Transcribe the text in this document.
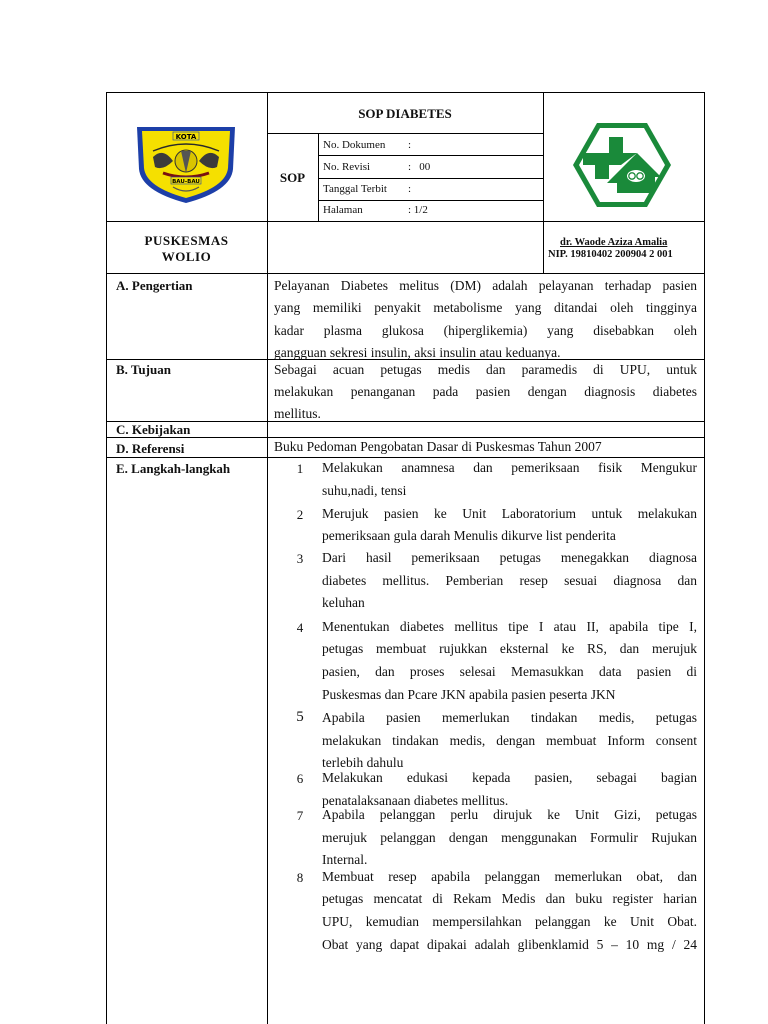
KOTA
BAU-BAU
SOP DIABETES
SOP
No. Dokumen :
No. Revisi	:   00
Tanggal Terbit :
Halaman	: 1/2
PUSKESMAS
WOLIO
dr. Waode Aziza Amalia
NIP. 19810402 200904 2 001
A. Pengertian	Pelayanan Diabetes melitus (DM) adalah pelayanan terhadap pasien
yang memiliki penyakit metabolisme yang ditandai oleh tingginya
kadar plasma glukosa (hiperglikemia) yang disebabkan oleh
gangguan sekresi insulin, aksi insulin atau keduanya.
B. Tujuan	Sebagai acuan petugas medis dan paramedis di UPU, untuk
melakukan penanganan pada pasien dengan diagnosis diabetes
mellitus.
C. Kebijakan
D. Referensi	Buku Pedoman Pengobatan Dasar di Puskesmas Tahun 2007
E. Langkah-langkah	1	Melakukan anamnesa dan pemeriksaan fisik Mengukur
suhu,nadi, tensi
2	Merujuk pasien ke Unit Laboratorium untuk melakukan
pemeriksaan gula darah Menulis dikurve list penderita
3	Dari hasil pemeriksaan petugas menegakkan diagnosa
diabetes mellitus. Pemberian resep sesuai diagnosa dan
keluhan
4	Menentukan diabetes mellitus tipe I atau II, apabila tipe I,
petugas membuat rujukkan eksternal ke RS, dan merujuk
pasien, dan proses selesai Memasukkan data pasien di
Puskesmas dan Pcare JKN apabila pasien peserta JKN
5	Apabila pasien memerlukan tindakan medis, petugas
melakukan tindakan medis, dengan membuat Inform consent
terlebih dahulu
6	Melakukan edukasi kepada pasien, sebagai bagian
penatalaksanaan diabetes mellitus.
7	Apabila pelanggan perlu dirujuk ke Unit Gizi, petugas
merujuk pelanggan dengan menggunakan Formulir Rujukan
Internal.
8	Membuat resep apabila pelanggan memerlukan obat, dan
petugas mencatat di Rekam Medis dan buku register harian
UPU, kemudian mempersilahkan pelanggan ke Unit Obat.
Obat yang dapat dipakai adalah glibenklamid 5 – 10 mg / 24
